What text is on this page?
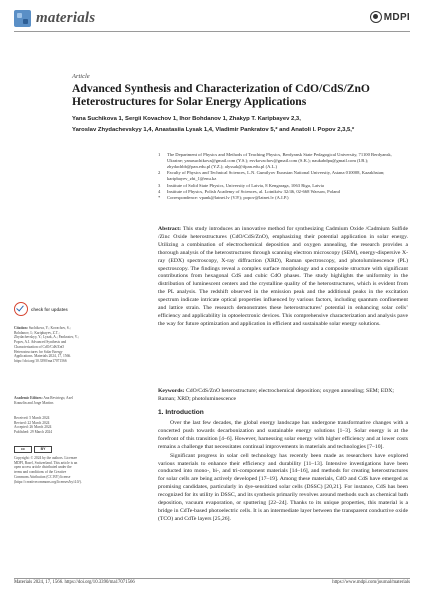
materials	MDPI
Article
Advanced Synthesis and Characterization of CdO/CdS/ZnO Heterostructures for Solar Energy Applications
Yana Suchikova 1, Sergii Kovachov 1, Ihor Bohdanov 1, Zhakyp T. Karipbayev 2,3,
Yaroslav Zhydachevskyy 1,4, Anastasiia Lysak 1,4, Vladimir Pankratov 5,* and Anatoli I. Popov 2,3,5,*
1	The Department of Physics and Methods of Teaching Physics, Berdyansk State Pedagogical University, 71100 Berdyansk, Ukraine; yanasuchikova@gmail.com (Y.S.); esvkovachov@gmail.com (S.K.); naukabdpu@gmail.com (I.B.); zhydachbb@pan.edu.pl (Y.Z.); alyssak@ifpan.edu.pl (A.L.)
2	Faculty of Physics and Technical Sciences, L.N. Gumilyov Eurasian National University, Astana 010008, Kazakhstan; karipbayev_zht_1@enu.kz
3	Institute of Solid State Physics, University of Latvia, 8 Kengaraga, 1063 Riga, Latvia
4	Institute of Physics, Polish Academy of Sciences, al. Lotników 32/46, 02-668 Warsaw, Poland
*	Correspondence: vpank@latnet.lv (V.P.); popov@latnet.lv (A.I.P.)
Abstract: This study introduces an innovative method for synthesizing Cadmium Oxide /Cadmium Sulfide /Zinc Oxide heterostructures (CdO/CdS/ZnO), emphasizing their potential application in solar energy. Utilizing a combination of electrochemical deposition and oxygen annealing, the research provides a thorough analysis of the heterostructures through scanning electron microscopy (SEM), energy-dispersive X-ray (EDX) spectroscopy, X-ray diffraction (XRD), Raman spectroscopy, and photoluminescence (PL) spectroscopy. The findings reveal a complex surface morphology and a composite structure with significant contributions from hexagonal CdS and cubic CdO phases. The study highlights the uniformity in the distribution of luminescent centers and the crystalline quality of the heterostructures, which is evident from the PL analysis. The redshift observed in the emission peak and the additional peaks in the excitation spectrum indicate intricate optical properties influenced by various factors, including quantum confinement and lattice strain. The research demonstrates these heterostructures’ potential in enhancing solar cells’ efficiency and applicability in optoelectronic devices. This comprehensive characterization and analysis pave the way for future optimization and application in efficient and sustainable solar energy solutions.
Keywords: CdO/CdS/ZnO heterostructure; electrochemical deposition; oxygen annealing; SEM; EDX; Raman; XRD; photoluminescence
check for updates
Citation: Suchikova, Y.; Kovachov, S.; Bohdanov, I.; Karipbayev, Z.T.; Zhydachevskyy, Y.; Lysak, A.; Pankratov, V.; Popov, A.I. Advanced Synthesis and Characterization of CdO/CdS/ZnO Heterostructures for Solar Energy Applications. Materials 2024, 17, 1566. https://doi.org/10.3390/ma17071566
Academic Editors: Ana Reviriego, Axel Kranzlin and Jorge Martins
Received: 5 March 2024
Revised: 22 March 2024
Accepted: 26 March 2024
Published: 29 March 2024
cc	BY
Copyright: © 2024 by the authors. Licensee MDPI, Basel, Switzerland. This article is an open access article distributed under the terms and conditions of the Creative Commons Attribution (CC BY) license (https://creativecommons.org/licenses/by/4.0/).
1. Introduction

Over the last few decades, the global energy landscape has undergone transformative changes with a concerted push towards decarbonization and sustainable energy solutions [1–3]. Solar energy is at the forefront of this transition [4–6]. However, harnessing solar energy with higher efficiency and at lower costs remains a challenge that necessitates continual improvements in materials and technologies [7–10].

Significant progress in solar cell technology has recently been made as researchers have explored various materials to enhance their efficiency and durability [11–13]. Intensive investigations have been conducted into mono-, bi-, and tri-component materials [14–16], and methods for creating heterostructures for solar cells are being actively developed [17–19]. Among these materials, CdO and CdS have emerged as promising candidates, particularly in dye-sensitized solar cells (DSSC) [20,21]. For instance, CdS has been recognized for its utility in DSSC, and its synthesis primarily revolves around methods such as chemical bath deposition, vacuum evaporation, or sputtering [22–24]. Thanks to its unique properties, this material is a bridge in CdTe-based photoelectric cells. It is an intermediate layer between the transparent conductive oxide (TCO) and CdTe layers [25,26].

Materials 2024, 17, 1566. https://doi.org/10.3390/ma17071566	https://www.mdpi.com/journal/materials
